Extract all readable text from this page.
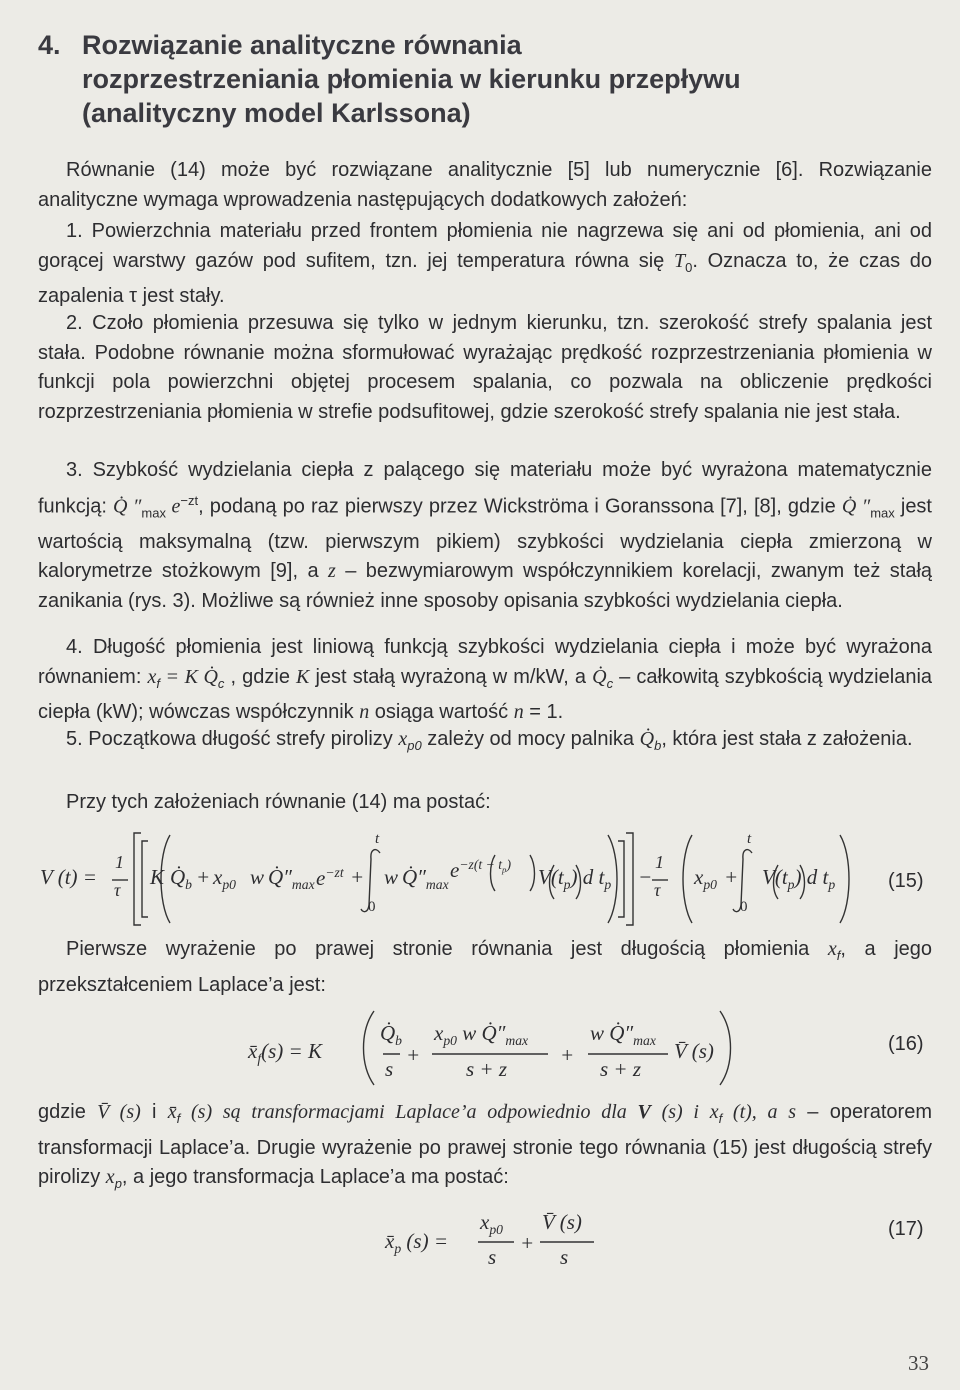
4. Rozwiązanie analityczne równania
rozprzestrzeniania płomienia w kierunku przepływu
(analityczny model Karlssona)

Równanie (14) może być rozwiązane analitycznie [5] lub numerycznie [6]. Rozwiązanie analityczne wymaga wprowadzenia następujących dodatkowych założeń:

1. Powierzchnia materiału przed frontem płomienia nie nagrzewa się ani od płomienia, ani od gorącej warstwy gazów pod sufitem, tzn. jej temperatura równa się $T_0$. Oznacza to, że czas do zapalenia τ jest stały.

2. Czoło płomienia przesuwa się tylko w jednym kierunku, tzn. szerokość strefy spalania jest stała. Podobne równanie można sformułować wyrażając prędkość rozprzestrzeniania płomienia w funkcji pola powierzchni objętej procesem spalania, co pozwala na obliczenie prędkości rozprzestrzeniania płomienia w strefie podsufitowej, gdzie szerokość strefy spalania nie jest stała.

3. Szybkość wydzielania ciepła z palącego się materiału może być wyrażona matematycznie funkcją: Q̇ $''_{max}$ $e^{-zt}$, podaną po raz pierwszy przez Wickströma i Goranssona [7], [8], gdzie Q̇ $''_{max}$ jest wartością maksymalną (tzw. pierwszym pikiem) szybkości wydzielania ciepła zmierzoną w kalorymetrze stożkowym [9], a z – bezwymiarowym współczynnikiem korelacji, zwanym też stałą zanikania (rys. 3). Możliwe są również inne sposoby opisania szybkości wydzielania ciepła.

4. Długość płomienia jest liniową funkcją szybkości wydzielania ciepła i może być wyrażona równaniem: $x_f = K$ $Q̇_c$ , gdzie K jest stałą wyrażoną w m/kW, a $Q̇_c$ – całkowitą szybkością wydzielania ciepła (kW); wówczas współczynnik n osiąga wartość n = 1.

5. Początkowa długość strefy pirolizy $x_{p0}$ zależy od mocy palnika $Q̇_b$, która jest stała z założenia.

Przy tych założeniach równanie (14) ma postać:

V (t) =
1
τ
K $Q̇_b + x_{p0}$ w $Q̇''_{max}$ $e^{-zt}$ +
t
0
w $Q̇''_{max}$
$e^{-z(t - t_p)}$
$V(t_p)$ d $t_p$ −
1
τ
$x_{p0}$ +
t
0
$V(t_p)$ d $t_p$	(15)

Pierwsze wyrażenie po prawej stronie równania jest długością płomienia $x_f$, a jego przekształceniem Laplace’a jest:

$x̄_f(s) = K$
$Q̇_b$
s
+
$x_{p0}$ w $Q̇''_{max}$
s + z
+
w $Q̇''_{max}$
s + z
V̄ (s)	(16)

gdzie V̄ (s) i $x̄_f$ (s) są transformacjami Laplace’a odpowiednio dla V (s) i $x_f$ (t), a s – operatorem transformacji Laplace’a. Drugie wyrażenie po prawej stronie tego równania (15) jest długością strefy pirolizy $x_p$, a jego transformacja Laplace’a ma postać:

$x̄_p$ (s) =
$x_{p0}$
s
+
V̄ (s)
s
(17)
33
